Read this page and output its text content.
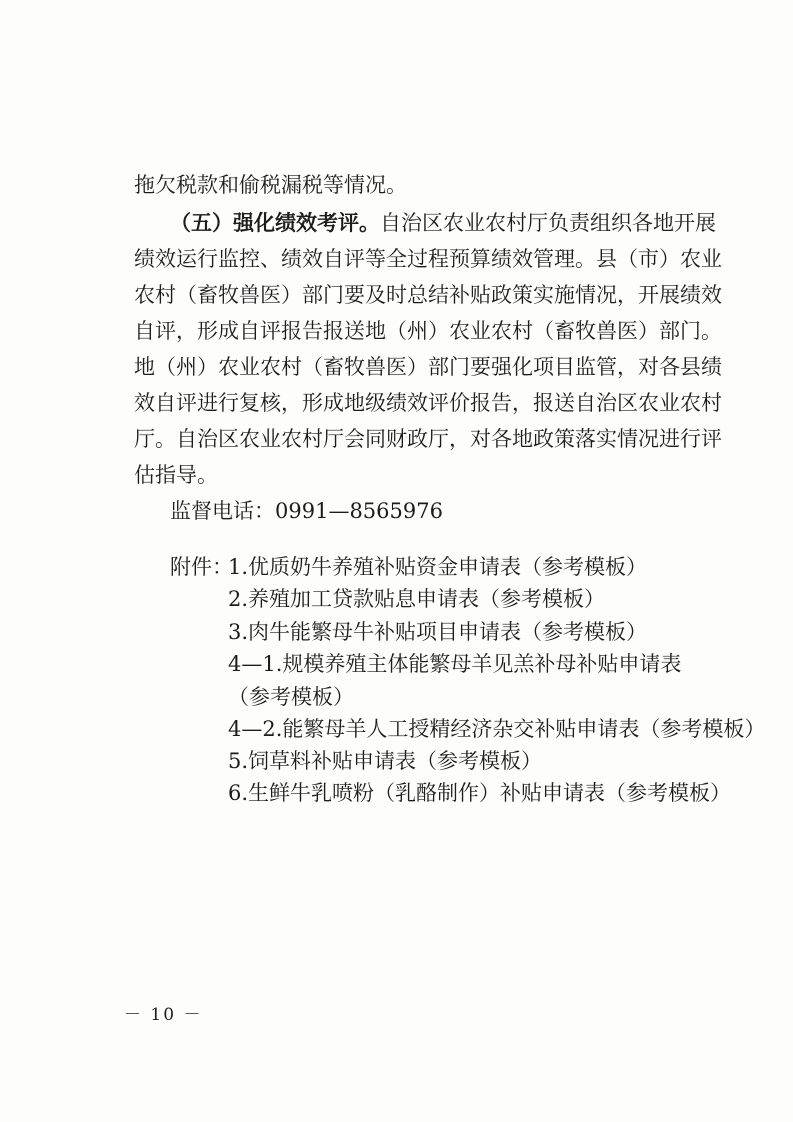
拖欠税款和偷税漏税等情况。
（五）强化绩效考评。自治区农业农村厅负责组织各地开展
绩效运行监控、绩效自评等全过程预算绩效管理。县（市）农业
农村（畜牧兽医）部门要及时总结补贴政策实施情况，开展绩效
自评，形成自评报告报送地（州）农业农村（畜牧兽医）部门。
地（州）农业农村（畜牧兽医）部门要强化项目监管，对各县绩
效自评进行复核，形成地级绩效评价报告，报送自治区农业农村
厅。自治区农业农村厅会同财政厅，对各地政策落实情况进行评
估指导。
监督电话：0991—8565976
附件：
1.优质奶牛养殖补贴资金申请表（参考模板）
2.养殖加工贷款贴息申请表（参考模板）
3.肉牛能繁母牛补贴项目申请表（参考模板）
4—1.规模养殖主体能繁母羊见羔补母补贴申请表
（参考模板）
4—2.能繁母羊人工授精经济杂交补贴申请表（参考模板）
5.饲草料补贴申请表（参考模板）
6.生鲜牛乳喷粉（乳酪制作）补贴申请表（参考模板）
－ 10 －
